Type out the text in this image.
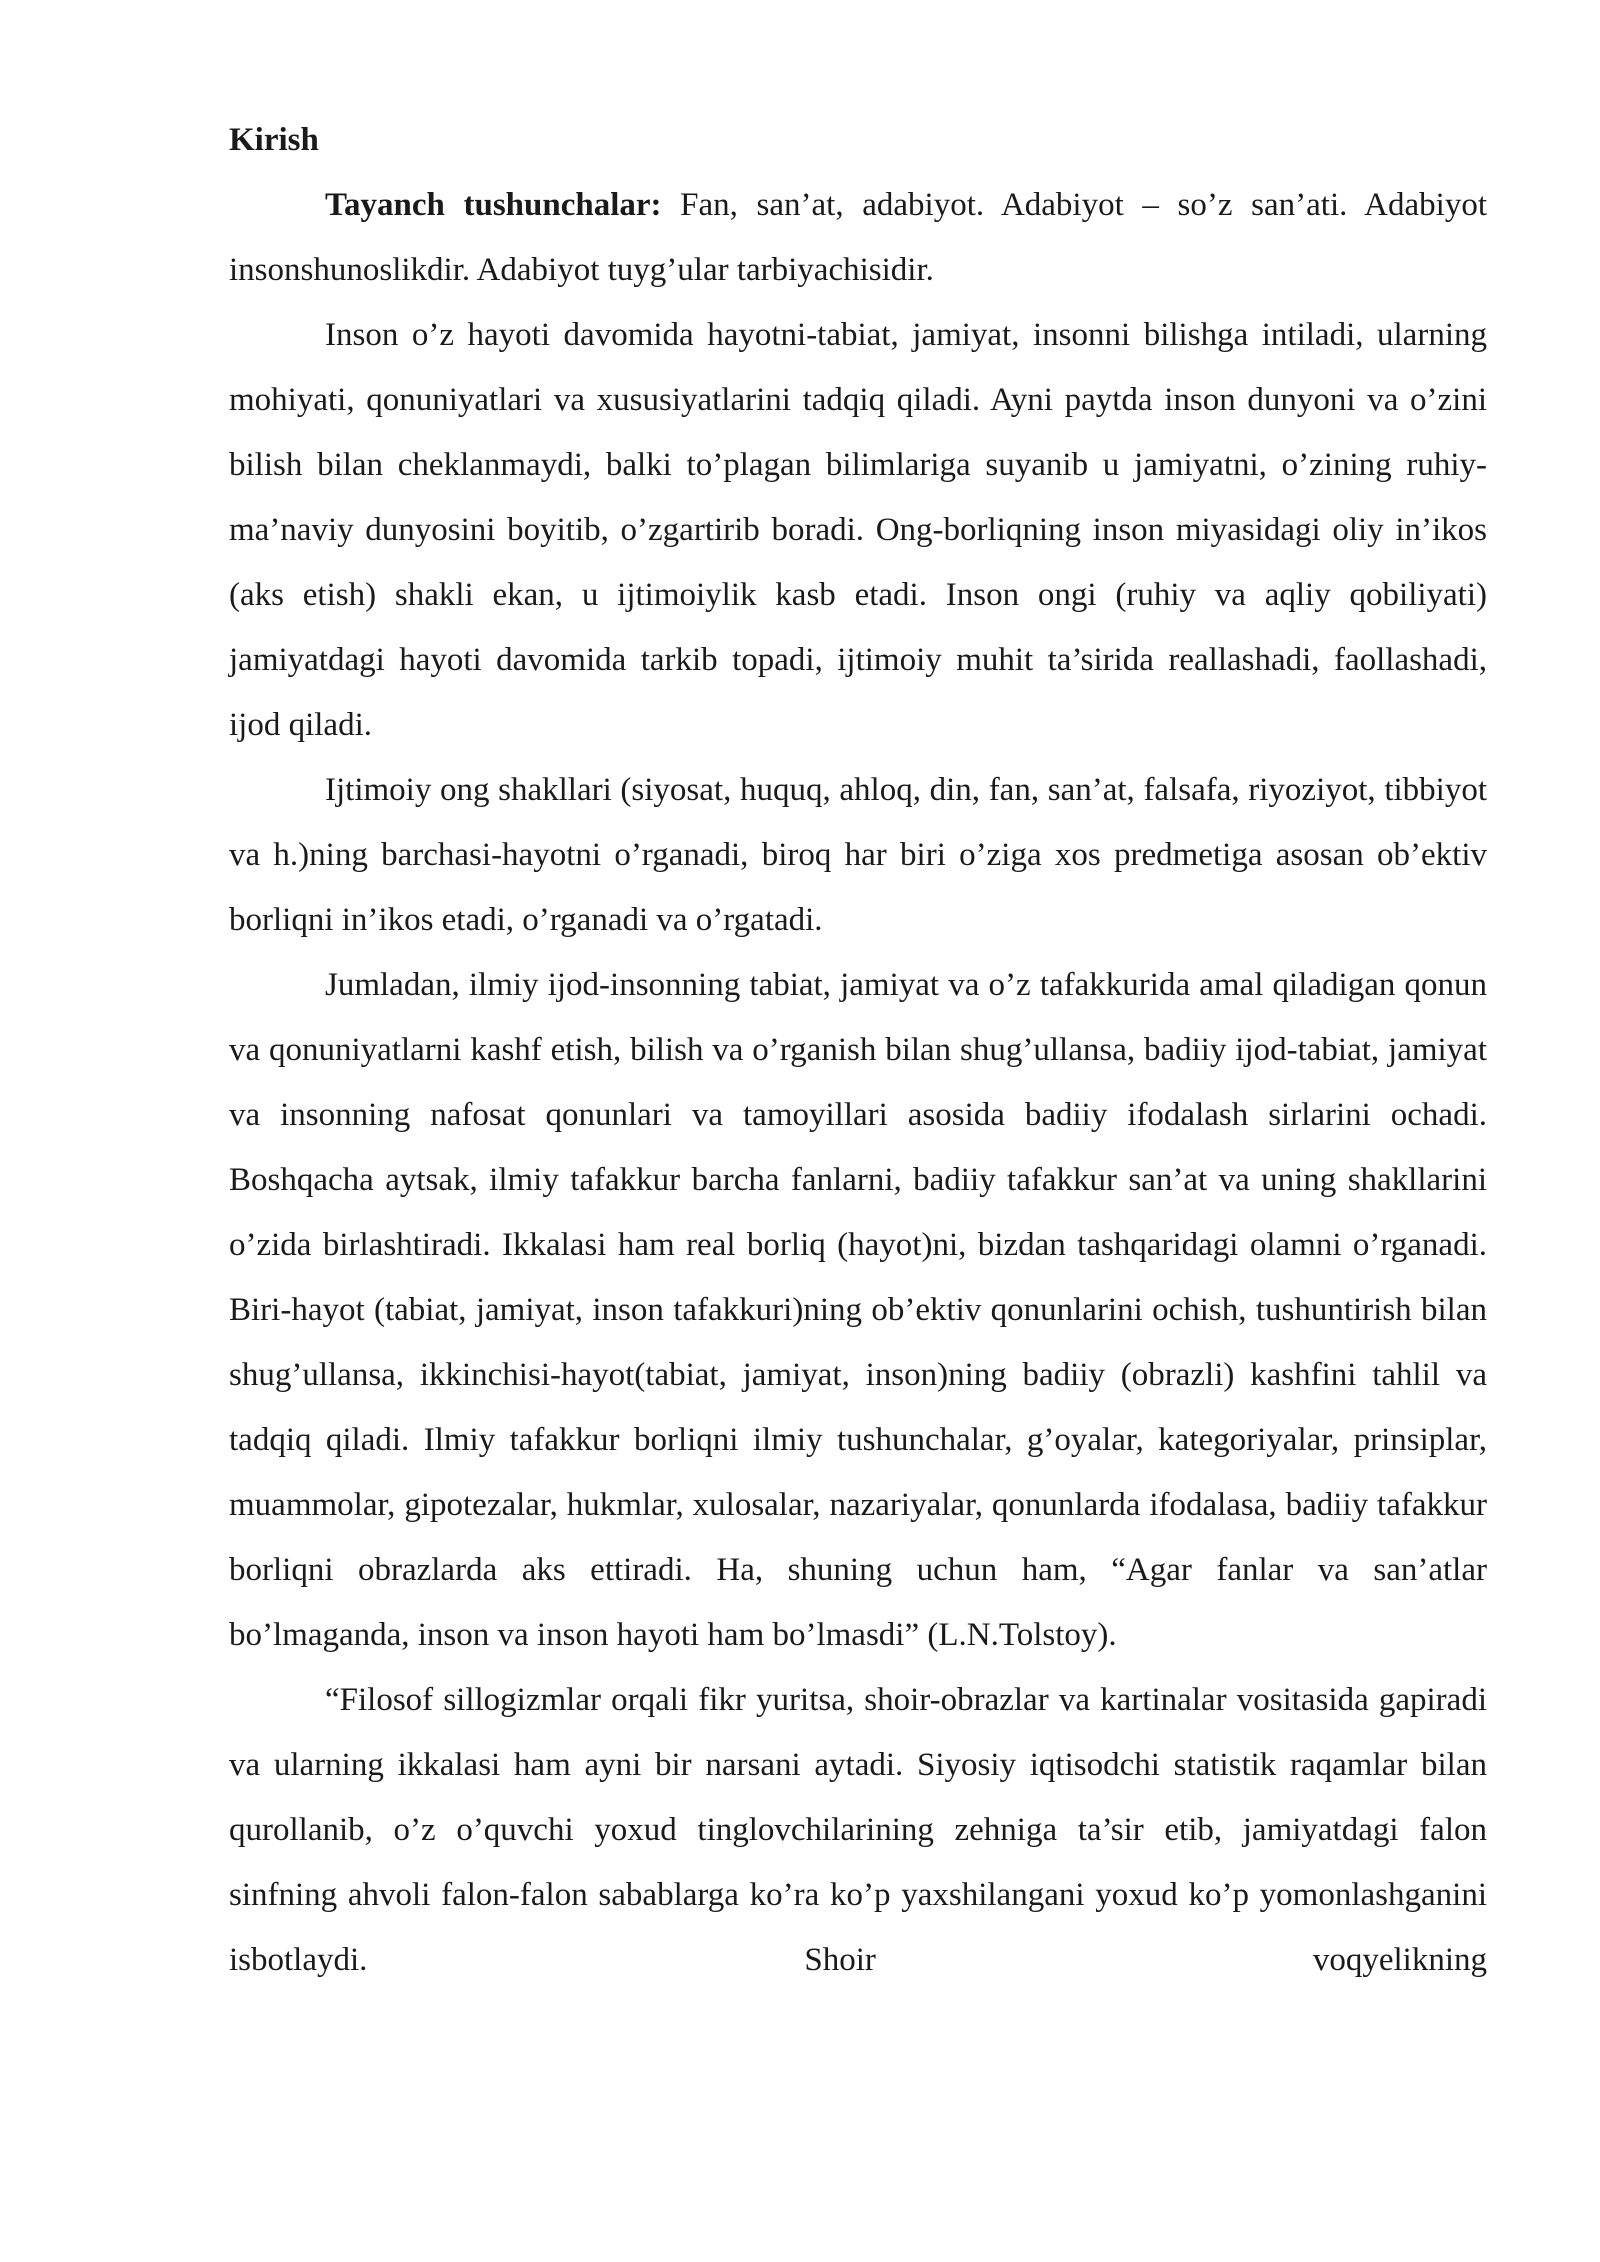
Kirish

Tayanch tushunchalar: Fan, san’at, adabiyot. Adabiyot – so’z san’ati. Adabiyot insonshunoslikdir. Adabiyot tuyg’ular tarbiyachisidir.

Inson o’z hayoti davomida hayotni-tabiat, jamiyat, insonni bilishga intiladi, ularning mohiyati, qonuniyatlari va xususiyatlarini tadqiq qiladi. Ayni paytda inson dunyoni va o’zini bilish bilan cheklanmaydi, balki to’plagan bilimlariga suyanib u jamiyatni, o’zining ruhiy-ma’naviy dunyosini boyitib, o’zgartirib boradi. Ong-borliqning inson miyasidagi oliy in’ikos (aks etish) shakli ekan, u ijtimoiylik kasb etadi. Inson ongi (ruhiy va aqliy qobiliyati) jamiyatdagi hayoti davomida tarkib topadi, ijtimoiy muhit ta’sirida reallashadi, faollashadi, ijod qiladi.

Ijtimoiy ong shakllari (siyosat, huquq, ahloq, din, fan, san’at, falsafa, riyoziyot, tibbiyot va h.)ning barchasi-hayotni o’rganadi, biroq har biri o’ziga xos predmetiga asosan ob’ektiv borliqni in’ikos etadi, o’rganadi va o’rgatadi.

Jumladan, ilmiy ijod-insonning tabiat, jamiyat va o’z tafakkurida amal qiladigan qonun va qonuniyatlarni kashf etish, bilish va o’rganish bilan shug’ullansa, badiiy ijod-tabiat, jamiyat va insonning nafosat qonunlari va tamoyillari asosida badiiy ifodalash sirlarini ochadi. Boshqacha aytsak, ilmiy tafakkur barcha fanlarni, badiiy tafakkur san’at va uning shakllarini o’zida birlashtiradi. Ikkalasi ham real borliq (hayot)ni, bizdan tashqaridagi olamni o’rganadi. Biri-hayot (tabiat, jamiyat, inson tafakkuri)ning ob’ektiv qonunlarini ochish, tushuntirish bilan shug’ullansa, ikkinchisi-hayot(tabiat, jamiyat, inson)ning badiiy (obrazli) kashfini tahlil va tadqiq qiladi. Ilmiy tafakkur borliqni ilmiy tushunchalar, g’oyalar, kategoriyalar, prinsiplar, muammolar, gipotezalar, hukmlar, xulosalar, nazariyalar, qonunlarda ifodalasa, badiiy tafakkur borliqni obrazlarda aks ettiradi. Ha, shuning uchun ham, “Agar fanlar va san’atlar bo’lmaganda, inson va inson hayoti ham bo’lmasdi” (L.N.Tolstoy).

“Filosof sillogizmlar orqali fikr yuritsa, shoir-obrazlar va kartinalar vositasida gapiradi va ularning ikkalasi ham ayni bir narsani aytadi. Siyosiy iqtisodchi statistik raqamlar bilan qurollanib, o’z o’quvchi yoxud tinglovchilarining zehniga ta’sir etib, jamiyatdagi falon sinfning ahvoli falon-falon sabablarga ko’ra ko’p yaxshilangani yoxud ko’p yomonlashganini isbotlaydi. Shoir voqyelikning
